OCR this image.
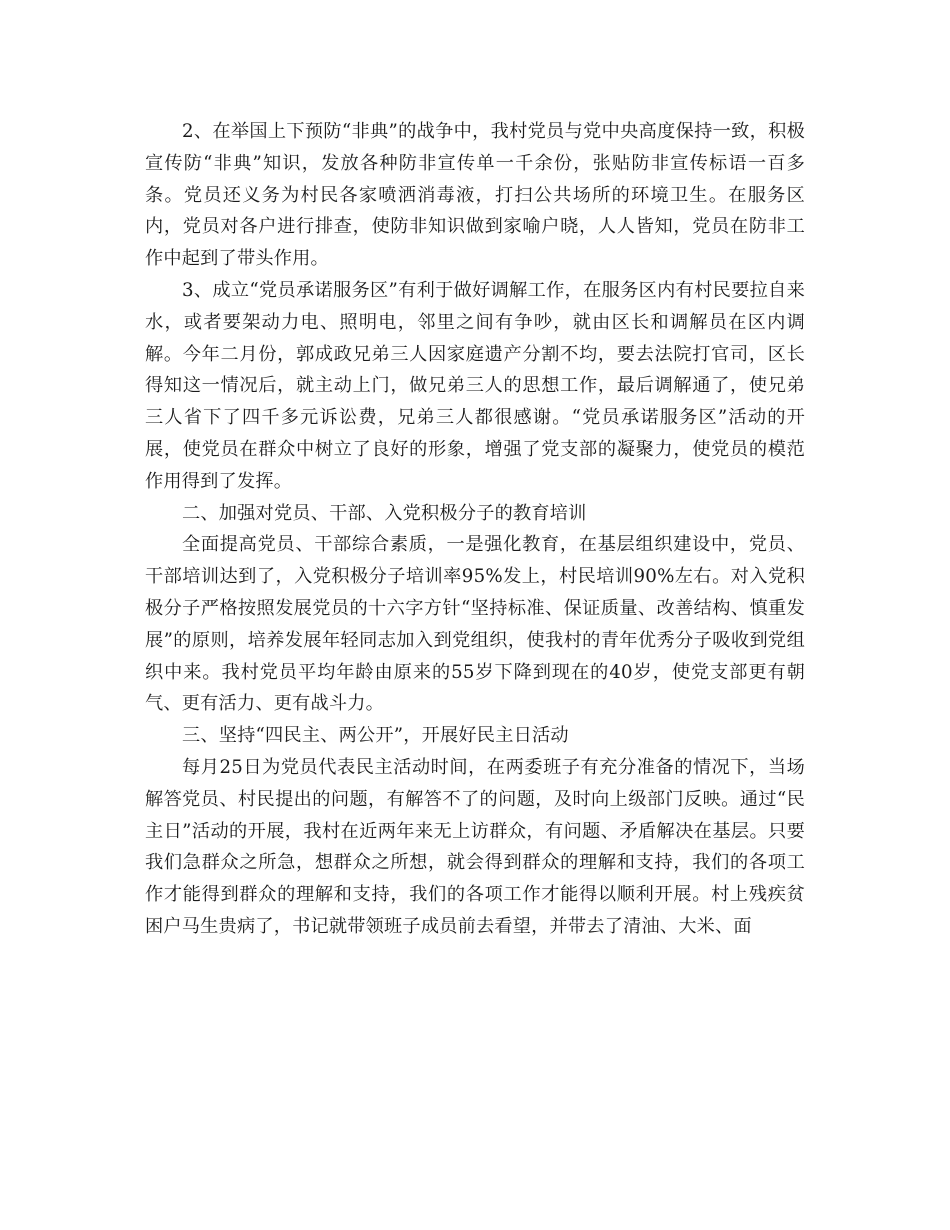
2、在举国上下预防“非典”的战争中，我村党员与党中央高度保持一致，积极宣传防“非典”知识，发放各种防非宣传单一千余份，张贴防非宣传标语一百多条。党员还义务为村民各家喷洒消毒液，打扫公共场所的环境卫生。在服务区内，党员对各户进行排查，使防非知识做到家喻户晓，人人皆知，党员在防非工作中起到了带头作用。

3、成立“党员承诺服务区”有利于做好调解工作，在服务区内有村民要拉自来水，或者要架动力电、照明电，邻里之间有争吵，就由区长和调解员在区内调解。今年二月份，郭成政兄弟三人因家庭遗产分割不均，要去法院打官司，区长得知这一情况后，就主动上门，做兄弟三人的思想工作，最后调解通了，使兄弟三人省下了四千多元诉讼费，兄弟三人都很感谢。“党员承诺服务区”活动的开展，使党员在群众中树立了良好的形象，增强了党支部的凝聚力，使党员的模范作用得到了发挥。

二、加强对党员、干部、入党积极分子的教育培训

全面提高党员、干部综合素质，一是强化教育，在基层组织建设中，党员、干部培训达到了，入党积极分子培训率95%发上，村民培训90%左右。对入党积极分子严格按照发展党员的十六字方针“坚持标准、保证质量、改善结构、慎重发展”的原则，培养发展年轻同志加入到党组织，使我村的青年优秀分子吸收到党组织中来。我村党员平均年龄由原来的55岁下降到现在的40岁，使党支部更有朝气、更有活力、更有战斗力。

三、坚持“四民主、两公开”，开展好民主日活动

每月25日为党员代表民主活动时间，在两委班子有充分准备的情况下，当场解答党员、村民提出的问题，有解答不了的问题，及时向上级部门反映。通过“民主日”活动的开展，我村在近两年来无上访群众，有问题、矛盾解决在基层。只要我们急群众之所急，想群众之所想，就会得到群众的理解和支持，我们的各项工作才能得到群众的理解和支持，我们的各项工作才能得以顺利开展。村上残疾贫困户马生贵病了，书记就带领班子成员前去看望，并带去了清油、大米、面
